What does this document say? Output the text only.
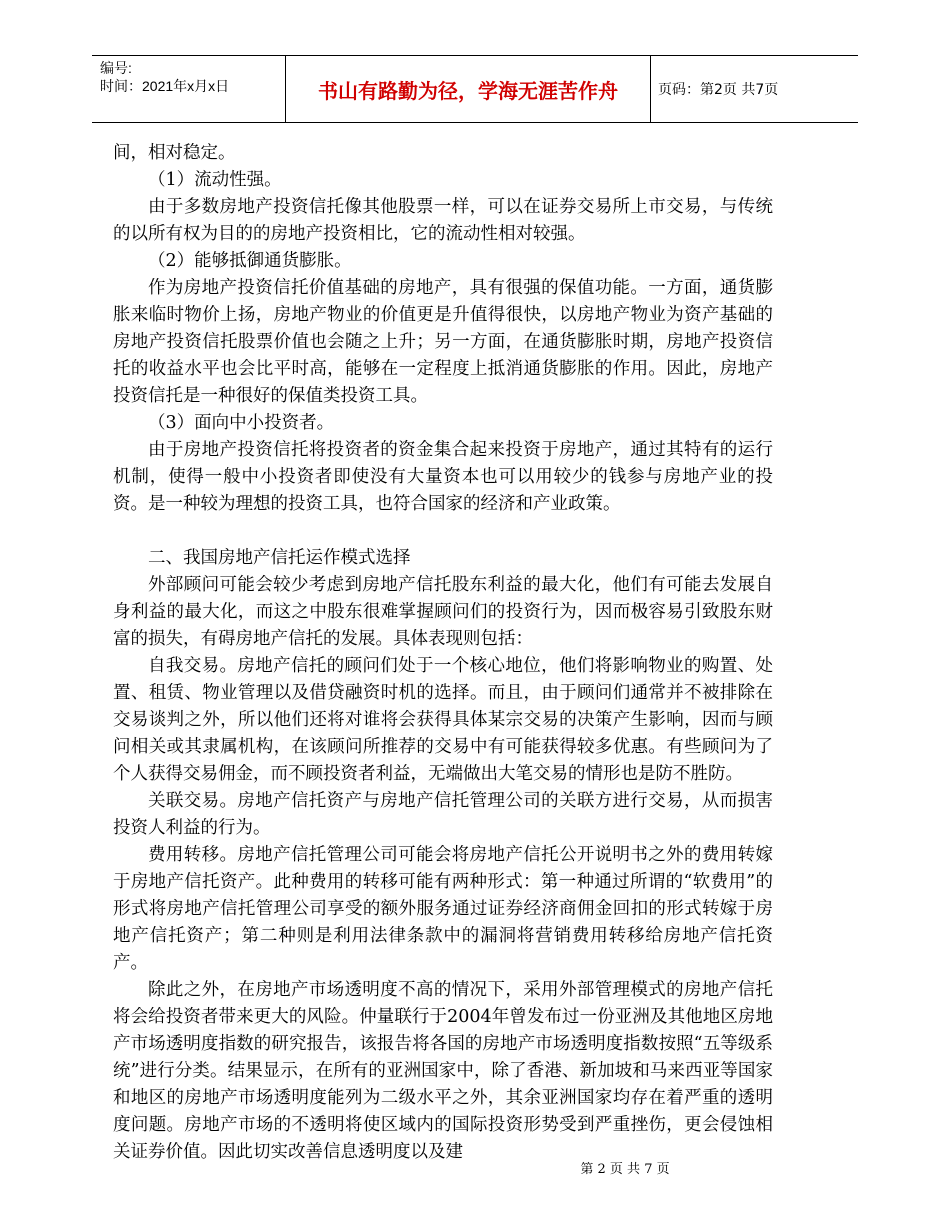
编号:
时间：2021年x月x日	书山有路勤为径，学海无涯苦作舟	页码：第2页 共7页

间，相对稳定。

（1）流动性强。

由于多数房地产投资信托像其他股票一样，可以在证券交易所上市交易，与传统的以所有权为目的的房地产投资相比，它的流动性相对较强。

（2）能够抵御通货膨胀。

作为房地产投资信托价值基础的房地产，具有很强的保值功能。一方面，通货膨胀来临时物价上扬，房地产物业的价值更是升值得很快，以房地产物业为资产基础的房地产投资信托股票价值也会随之上升；另一方面，在通货膨胀时期，房地产投资信托的收益水平也会比平时高，能够在一定程度上抵消通货膨胀的作用。因此，房地产投资信托是一种很好的保值类投资工具。

（3）面向中小投资者。

由于房地产投资信托将投资者的资金集合起来投资于房地产，通过其特有的运行机制，使得一般中小投资者即使没有大量资本也可以用较少的钱参与房地产业的投资。是一种较为理想的投资工具，也符合国家的经济和产业政策。

二、我国房地产信托运作模式选择

外部顾问可能会较少考虑到房地产信托股东利益的最大化，他们有可能去发展自身利益的最大化，而这之中股东很难掌握顾问们的投资行为，因而极容易引致股东财富的损失，有碍房地产信托的发展。具体表现则包括：

自我交易。房地产信托的顾问们处于一个核心地位，他们将影响物业的购置、处置、租赁、物业管理以及借贷融资时机的选择。而且，由于顾问们通常并不被排除在交易谈判之外，所以他们还将对谁将会获得具体某宗交易的决策产生影响，因而与顾问相关或其隶属机构，在该顾问所推荐的交易中有可能获得较多优惠。有些顾问为了个人获得交易佣金，而不顾投资者利益，无端做出大笔交易的情形也是防不胜防。

关联交易。房地产信托资产与房地产信托管理公司的关联方进行交易，从而损害投资人利益的行为。

费用转移。房地产信托管理公司可能会将房地产信托公开说明书之外的费用转嫁于房地产信托资产。此种费用的转移可能有两种形式：第一种通过所谓的“软费用”的形式将房地产信托管理公司享受的额外服务通过证券经济商佣金回扣的形式转嫁于房地产信托资产；第二种则是利用法律条款中的漏洞将营销费用转移给房地产信托资产。

除此之外，在房地产市场透明度不高的情况下，采用外部管理模式的房地产信托将会给投资者带来更大的风险。仲量联行于2004年曾发布过一份亚洲及其他地区房地产市场透明度指数的研究报告，该报告将各国的房地产市场透明度指数按照“五等级系统”进行分类。结果显示，在所有的亚洲国家中，除了香港、新加坡和马来西亚等国家和地区的房地产市场透明度能列为二级水平之外，其余亚洲国家均存在着严重的透明度问题。房地产市场的不透明将使区域内的国际投资形势受到严重挫伤，更会侵蚀相关证券价值。因此切实改善信息透明度以及建

第 2 页 共 7 页
